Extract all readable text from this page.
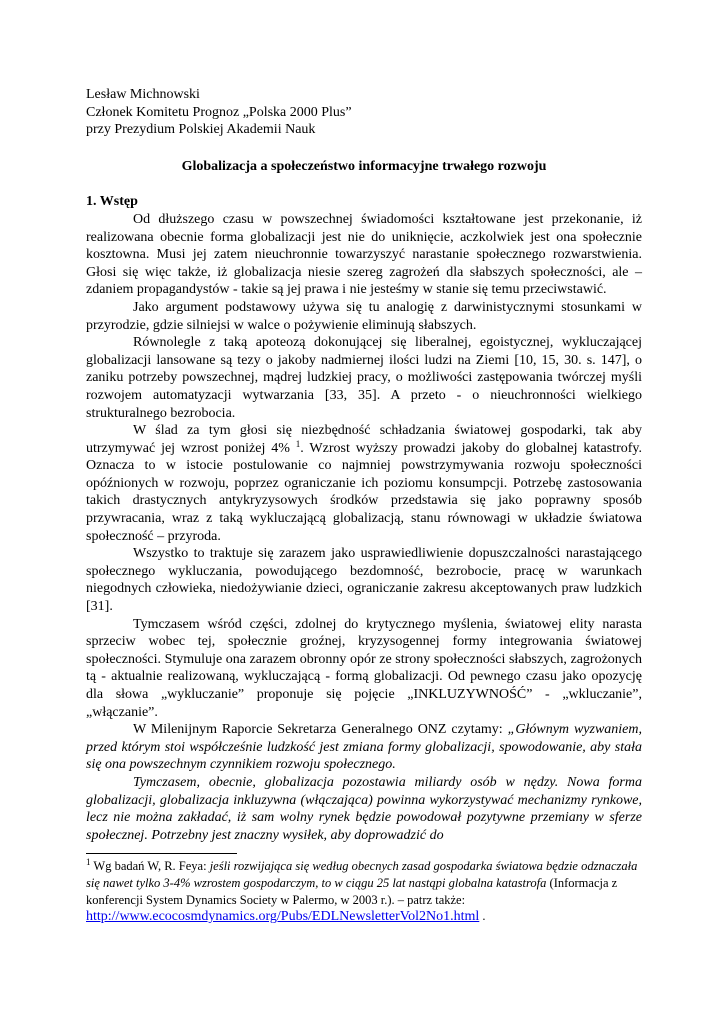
Lesław Michnowski

Członek Komitetu Prognoz „Polska 2000 Plus”

przy Prezydium Polskiej Akademii Nauk

Globalizacja a społeczeństwo informacyjne trwałego rozwoju

1. Wstęp

Od dłuższego czasu w powszechnej świadomości kształtowane jest przekonanie, iż realizowana obecnie forma globalizacji jest nie do uniknięcie, aczkolwiek jest ona społecznie kosztowna. Musi jej zatem nieuchronnie towarzyszyć narastanie społecznego rozwarstwienia. Głosi się więc także, iż globalizacja niesie szereg zagrożeń dla słabszych społeczności, ale – zdaniem propagandystów - takie są jej prawa i nie jesteśmy w stanie się temu przeciwstawić.

Jako argument podstawowy używa się tu analogię z darwinistycznymi stosunkami w przyrodzie, gdzie silniejsi w walce o pożywienie eliminują słabszych.

Równolegle z taką apoteozą dokonującej się liberalnej, egoistycznej, wykluczającej globalizacji lansowane są tezy o jakoby nadmiernej ilości ludzi na Ziemi [10, 15, 30. s. 147], o zaniku potrzeby powszechnej, mądrej ludzkiej pracy, o możliwości zastępowania twórczej myśli rozwojem automatyzacji wytwarzania [33, 35]. A przeto - o nieuchronności wielkiego strukturalnego bezrobocia.

W ślad za tym głosi się niezbędność schładzania światowej gospodarki, tak aby utrzymywać jej wzrost poniżej 4% $^1$. Wzrost wyższy prowadzi jakoby do globalnej katastrofy. Oznacza to w istocie postulowanie co najmniej powstrzymywania rozwoju społeczności opóźnionych w rozwoju, poprzez ograniczanie ich poziomu konsumpcji. Potrzebę zastosowania takich drastycznych antykryzysowych środków przedstawia się jako poprawny sposób przywracania, wraz z taką wykluczającą globalizacją, stanu równowagi w układzie światowa społeczność – przyroda.

Wszystko to traktuje się zarazem jako usprawiedliwienie dopuszczalności narastającego społecznego wykluczania, powodującego bezdomność, bezrobocie, pracę w warunkach niegodnych człowieka, niedożywianie dzieci, ograniczanie zakresu akceptowanych praw ludzkich [31].

Tymczasem wśród części, zdolnej do krytycznego myślenia, światowej elity narasta sprzeciw wobec tej, społecznie groźnej, kryzysogennej formy integrowania światowej społeczności. Stymuluje ona zarazem obronny opór ze strony społeczności słabszych, zagrożonych tą - aktualnie realizowaną, wykluczającą - formą globalizacji. Od pewnego czasu jako opozycję dla słowa „wykluczanie” proponuje się pojęcie „INKLUZYWNOŚĆ” - „wkluczanie”, „włączanie”.

W Milenijnym Raporcie Sekretarza Generalnego ONZ czytamy: „Głównym wyzwaniem, przed którym stoi współcześnie ludzkość jest zmiana formy globalizacji, spowodowanie, aby stała się ona powszechnym czynnikiem rozwoju społecznego.

Tymczasem, obecnie, globalizacja pozostawia miliardy osób w nędzy. Nowa forma globalizacji, globalizacja inkluzywna (włączająca) powinna wykorzystywać mechanizmy rynkowe, lecz nie można zakładać, iż sam wolny rynek będzie powodował pozytywne przemiany w sferze społecznej. Potrzebny jest znaczny wysiłek, aby doprowadzić do

$^1$ Wg badań W, R. Feya: jeśli rozwijająca się według obecnych zasad gospodarka światowa będzie odznaczała się nawet tylko 3-4% wzrostem gospodarczym, to w ciągu 25 lat nastąpi globalna katastrofa (Informacja z konferencji System Dynamics Society w Palermo, w 2003 r.). – patrz także: http://www.ecocosmdynamics.org/Pubs/EDLNewsletterVol2No1.html .
